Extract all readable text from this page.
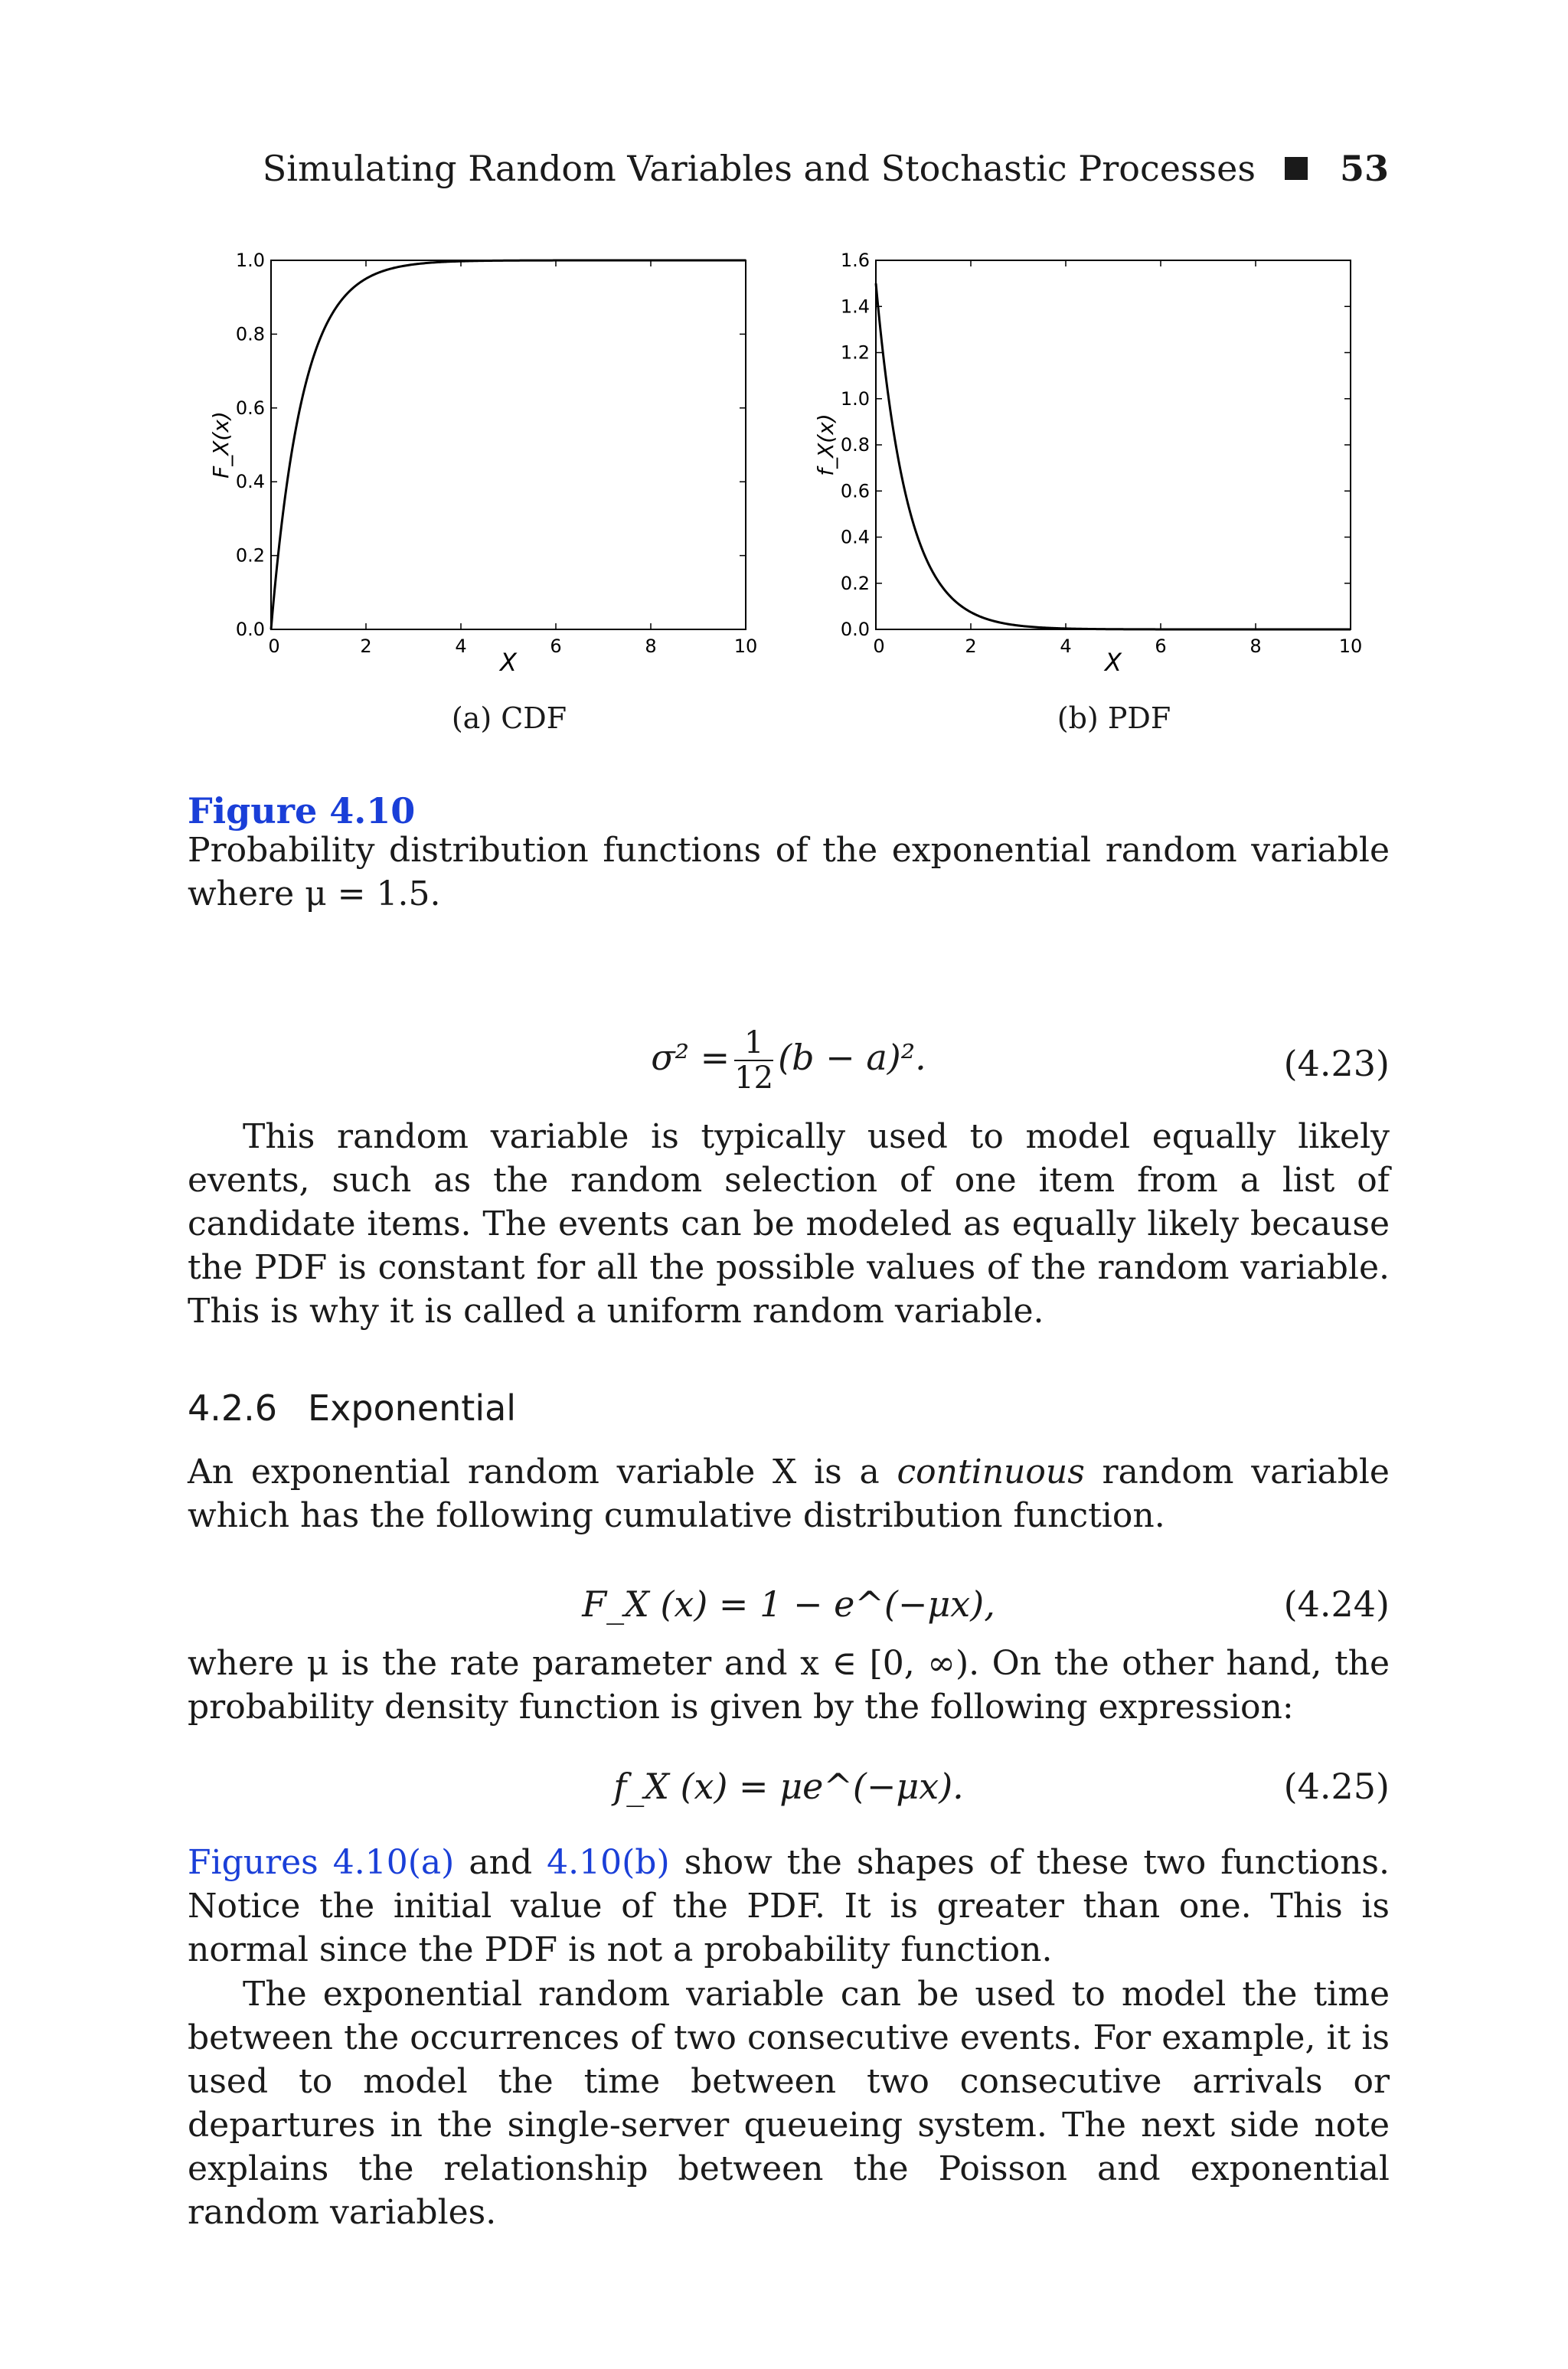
Simulating Random Variables and Stochastic Processes 53
0	2	4	6	8	10
0.0
0.2
0.4
0.6
0.8
1.0
X
F_X(x)
0	2	4	6	8	10
0.0
0.2
0.4
0.6
0.8
1.0
1.2
1.4
1.6
X
f_X(x)
(a) CDF	(b) PDF
Figure 4.10
Probability distribution functions of the exponential random variable where μ = 1.5.
$\sigma^2 = \frac{1}{12} (b - a)^2$.	(4.23)
This random variable is typically used to model equally likely events, such as the random selection of one item from a list of candidate items. The events can be modeled as equally likely because the PDF is constant for all the possible values of the random variable. This is why it is called a uniform random variable.
4.2.6 Exponential
An exponential random variable X is a continuous random variable which has the following cumulative distribution function.
F_X (x) = 1 − e^(−μx),	(4.24)
where μ is the rate parameter and x ∈ [0, ∞). On the other hand, the probability density function is given by the following expression:
f_X (x) = μe^(−μx).	(4.25)
Figures 4.10(a) and 4.10(b) show the shapes of these two functions. Notice the initial value of the PDF. It is greater than one. This is normal since the PDF is not a probability function.
The exponential random variable can be used to model the time between the occurrences of two consecutive events. For example, it is used to model the time between two consecutive arrivals or departures in the single-server queueing system. The next side note explains the relationship between the Poisson and exponential random variables.
